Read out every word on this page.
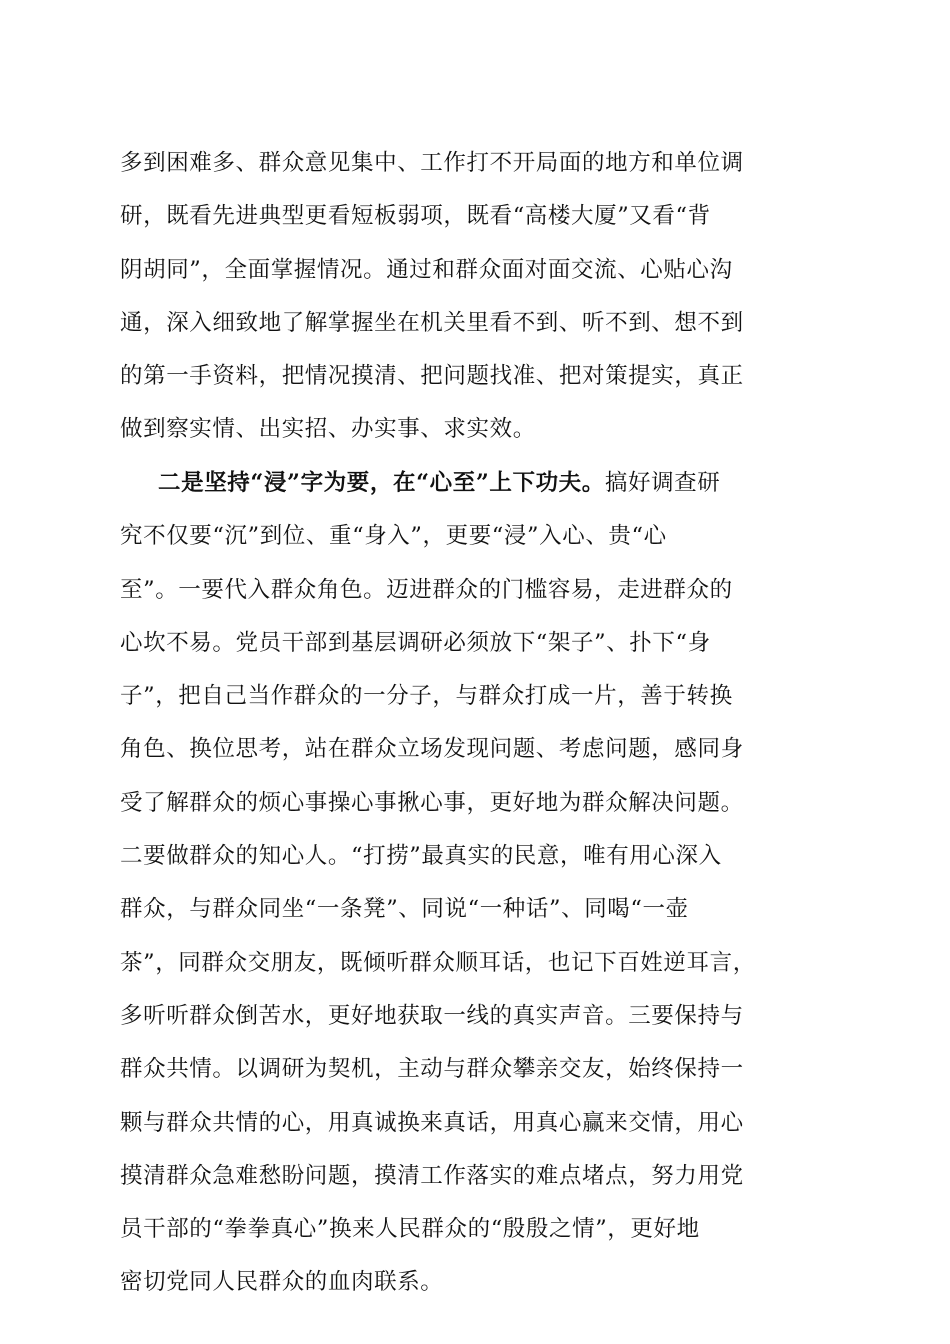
多到困难多、群众意见集中、工作打不开局面的地方和单位调
研，既看先进典型更看短板弱项，既看“高楼大厦”又看“背
阴胡同”，全面掌握情况。通过和群众面对面交流、心贴心沟
通，深入细致地了解掌握坐在机关里看不到、听不到、想不到
的第一手资料，把情况摸清、把问题找准、把对策提实，真正
做到察实情、出实招、办实事、求实效。
二是坚持“浸”字为要，在“心至”上下功夫。搞好调查研
究不仅要“沉”到位、重“身入”，更要“浸”入心、贵“心
至”。一要代入群众角色。迈进群众的门槛容易，走进群众的
心坎不易。党员干部到基层调研必须放下“架子”、扑下“身
子”，把自己当作群众的一分子，与群众打成一片，善于转换
角色、换位思考，站在群众立场发现问题、考虑问题，感同身
受了解群众的烦心事操心事揪心事，更好地为群众解决问题。
二要做群众的知心人。“打捞”最真实的民意，唯有用心深入
群众，与群众同坐“一条凳”、同说“一种话”、同喝“一壶
茶”，同群众交朋友，既倾听群众顺耳话，也记下百姓逆耳言，
多听听群众倒苦水，更好地获取一线的真实声音。三要保持与
群众共情。以调研为契机，主动与群众攀亲交友，始终保持一
颗与群众共情的心，用真诚换来真话，用真心赢来交情，用心
摸清群众急难愁盼问题，摸清工作落实的难点堵点，努力用党
员干部的“拳拳真心”换来人民群众的“殷殷之情”，更好地
密切党同人民群众的血肉联系。
